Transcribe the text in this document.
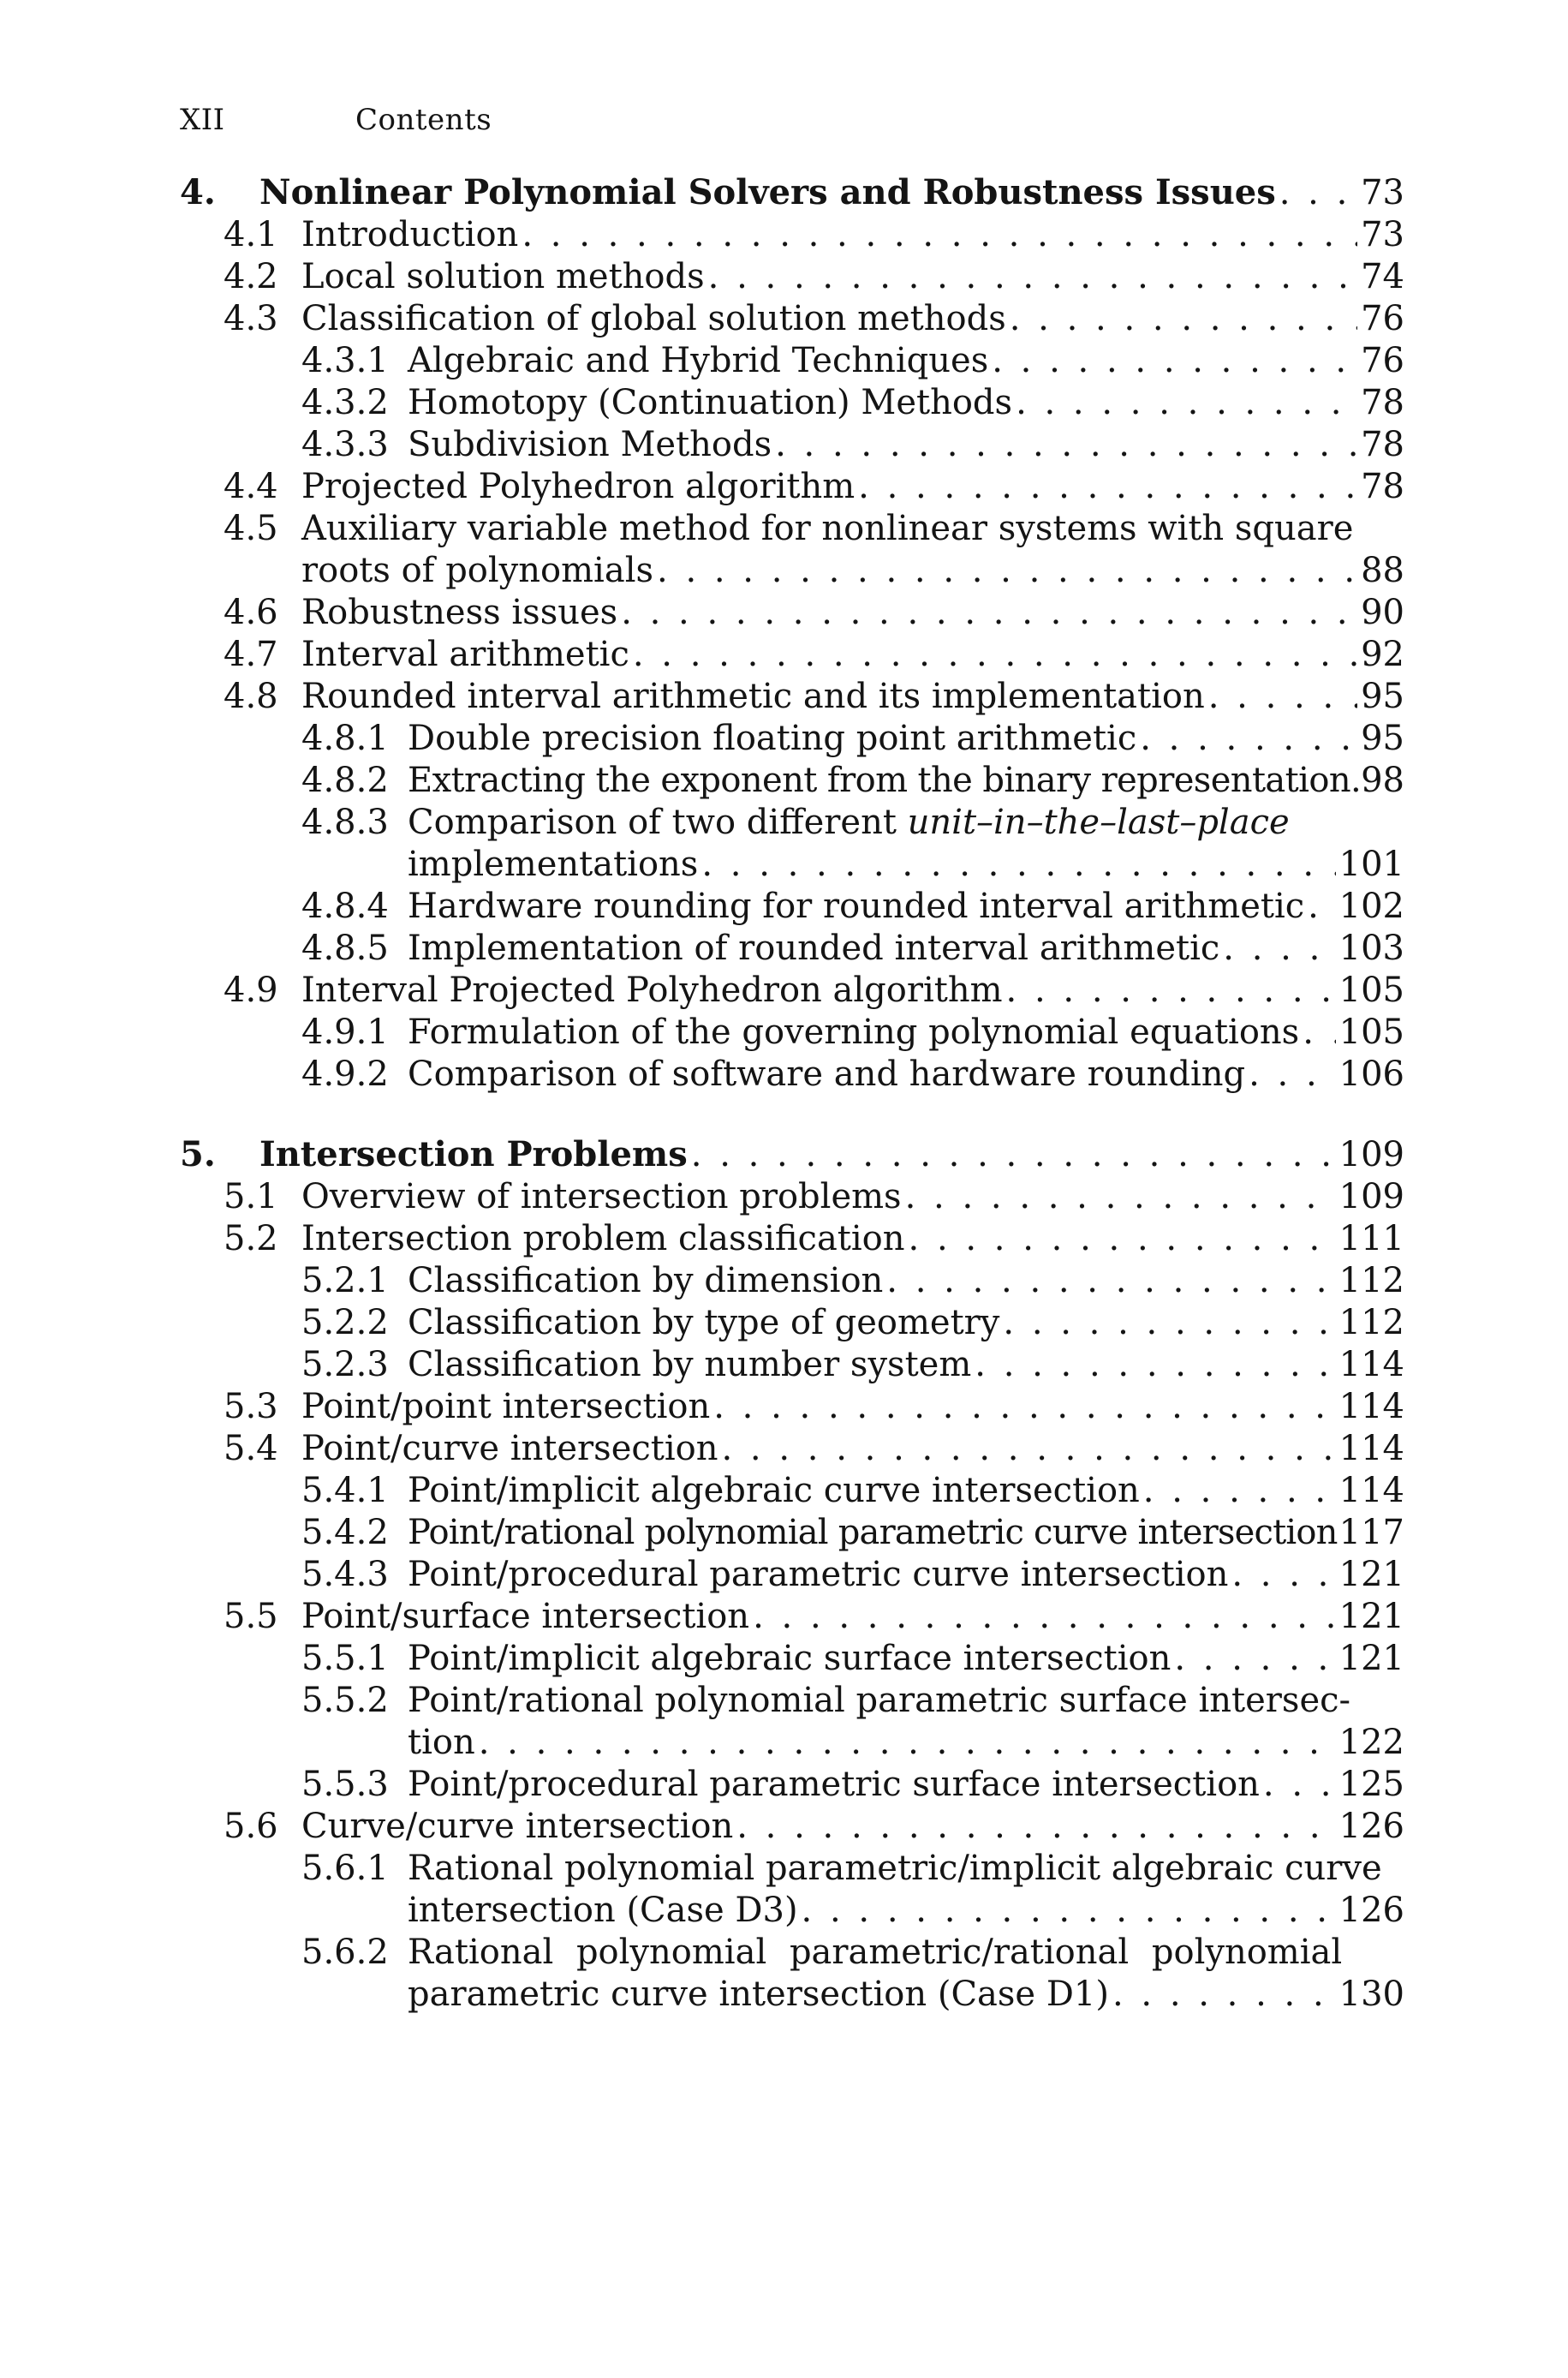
XII	Contents
4.	Nonlinear Polynomial Solvers and Robustness Issues . . . 73
4.1 Introduction . . .	73
4.2 Local solution methods . . .	74
4.3 Classification of global solution methods . . .	76
4.3.1 Algebraic and Hybrid Techniques . . .	76
4.3.2 Homotopy (Continuation) Methods . . .	78
4.3.3 Subdivision Methods . . .	78
4.4 Projected Polyhedron algorithm . . .	78
4.5 Auxiliary variable method for nonlinear systems with square
roots of polynomials . . .	88
4.6 Robustness issues . . .	90
4.7 Interval arithmetic . . .	92
4.8 Rounded interval arithmetic and its implementation . . .	95
4.8.1 Double precision floating point arithmetic . . .	95
4.8.2 Extracting the exponent from the binary representation . . . 98
4.8.3 Comparison of two different
unit–in–the–last–place
implementations . . .	101
4.8.4 Hardware rounding for rounded interval arithmetic . . . 102
4.8.5 Implementation of rounded interval arithmetic . . .	103
4.9 Interval Projected Polyhedron algorithm . . .	105
4.9.1 Formulation of the governing polynomial equations . . . 105
4.9.2 Comparison of software and hardware rounding . . .	106
5.	Intersection Problems . . .	109
5.1 Overview of intersection problems . . .	109
5.2 Intersection problem classification . . .	111
5.2.1 Classification by dimension . . .	112
5.2.2 Classification by type of geometry . . .	112
5.2.3 Classification by number system . . .	114
5.3 Point/point intersection . . .	114
5.4 Point/curve intersection . . .	114
5.4.1 Point/implicit algebraic curve intersection . . .	114
5.4.2 Point/rational polynomial parametric curve intersection . . . 117
5.4.3 Point/procedural parametric curve intersection . . .	121
5.5 Point/surface intersection . . .	121
5.5.1 Point/implicit algebraic surface intersection . . .	121
5.5.2 Point/rational polynomial parametric surface intersec-
tion . . .	122
5.5.3 Point/procedural parametric surface intersection . . . 125
5.6 Curve/curve intersection . . .	126
5.6.1 Rational polynomial parametric/implicit algebraic curve
intersection (Case D3) . . .	126
5.6.2 Rational polynomial parametric/rational polynomial
parametric curve intersection (Case D1) . . .	130
